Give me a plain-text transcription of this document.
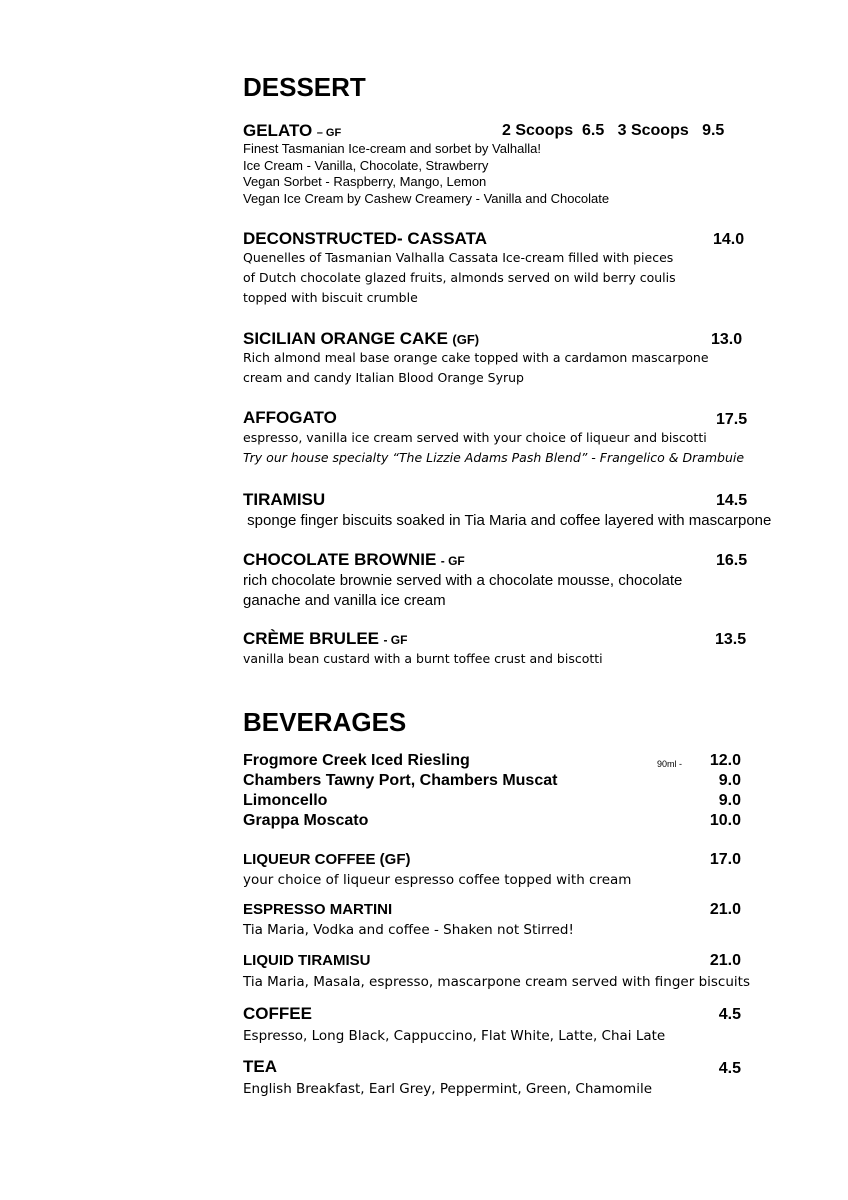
DESSERT
GELATO – GF	2 Scoops  6.5   3 Scoops   9.5
Finest Tasmanian Ice-cream and sorbet by Valhalla!
Ice Cream - Vanilla, Chocolate, Strawberry
Vegan Sorbet - Raspberry, Mango, Lemon
Vegan Ice Cream by Cashew Creamery - Vanilla and Chocolate
DECONSTRUCTED- CASSATA	14.0
Quenelles of Tasmanian Valhalla Cassata Ice-cream filled with pieces
of Dutch chocolate glazed fruits, almonds served on wild berry coulis
topped with biscuit crumble
SICILIAN ORANGE CAKE (GF)	13.0
Rich almond meal base orange cake topped with a cardamon mascarpone
cream and candy Italian Blood Orange Syrup
AFFOGATO	17.5
espresso, vanilla ice cream served with your choice of liqueur and biscotti
Try our house specialty “The Lizzie Adams Pash Blend” - Frangelico & Drambuie
TIRAMISU	14.5
sponge finger biscuits soaked in Tia Maria and coffee layered with mascarpone
CHOCOLATE BROWNIE - GF	16.5
rich chocolate brownie served with a chocolate mousse, chocolate
ganache and vanilla ice cream
CRÈME BRULEE - GF	13.5
vanilla bean custard with a burnt toffee crust and biscotti
BEVERAGES
Frogmore Creek Iced Riesling	90ml -	12.0
Chambers Tawny Port, Chambers Muscat	9.0
Limoncello	9.0
Grappa Moscato	10.0
LIQUEUR COFFEE (GF)	17.0
your choice of liqueur espresso coffee topped with cream
ESPRESSO MARTINI	21.0
Tia Maria, Vodka and coffee - Shaken not Stirred!
LIQUID TIRAMISU	21.0
Tia Maria, Masala, espresso, mascarpone cream served with finger biscuits
COFFEE	4.5
Espresso, Long Black, Cappuccino, Flat White, Latte, Chai Late
TEA	4.5
English Breakfast, Earl Grey, Peppermint, Green, Chamomile
